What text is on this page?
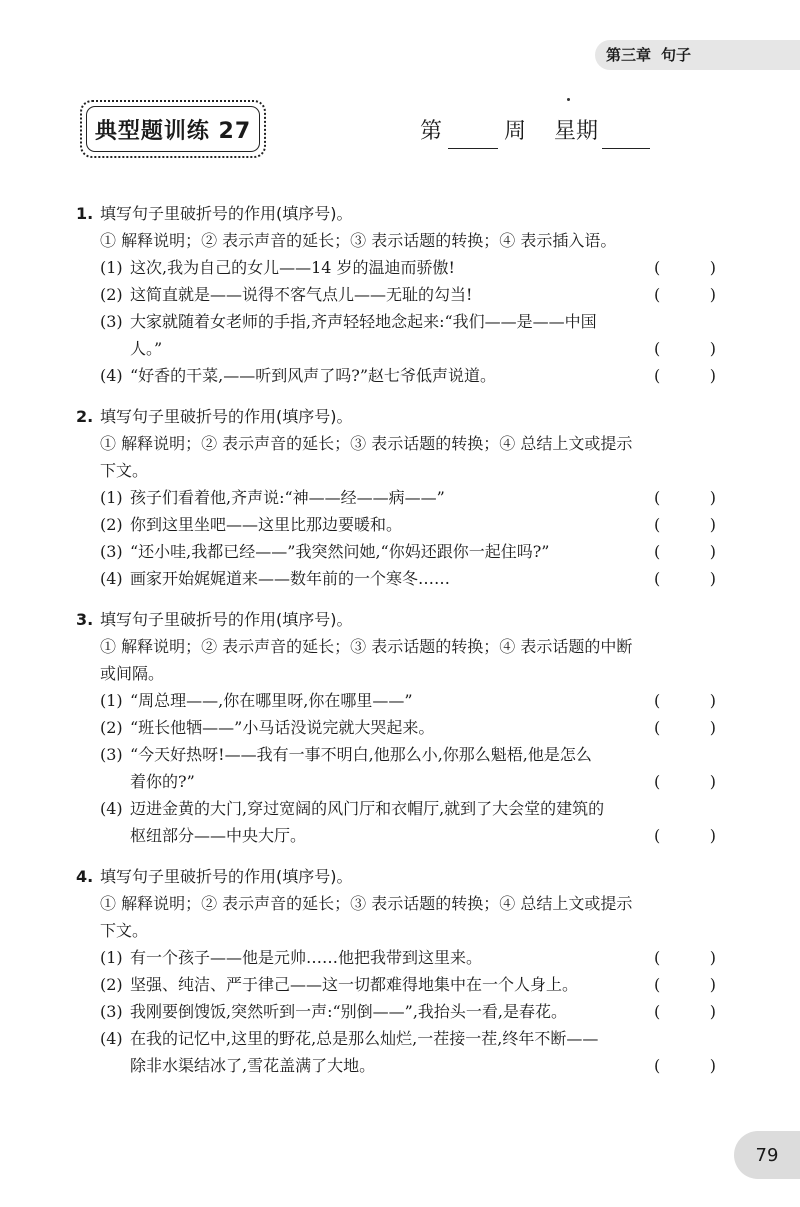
第三章 句子
典型题训练 27	第	周 星期
1. 填写句子里破折号的作用(填序号)。
① 解释说明；② 表示声音的延长；③ 表示话题的转换；④ 表示插入语。
(1) 这次,我为自己的女儿——14 岁的温迪而骄傲!	(	)
(2) 这简直就是——说得不客气点儿——无耻的勾当!	(	)
(3) 大家就随着女老师的手指,齐声轻轻地念起来:“我们——是——中国
人。”	(	)
(4) “好香的干菜,——听到风声了吗?”赵七爷低声说道。	(	)
2. 填写句子里破折号的作用(填序号)。
① 解释说明；② 表示声音的延长；③ 表示话题的转换；④ 总结上文或提示
下文。
(1) 孩子们看着他,齐声说:“神——经——病——”	(	)
(2) 你到这里坐吧——这里比那边要暖和。	(	)
(3) “还小哇,我都已经——”我突然问她,“你妈还跟你一起住吗?”	(	)
(4) 画家开始娓娓道来——数年前的一个寒冬……	(	)
3. 填写句子里破折号的作用(填序号)。
① 解释说明；② 表示声音的延长；③ 表示话题的转换；④ 表示话题的中断
或间隔。
(1) “周总理——,你在哪里呀,你在哪里——”	(	)
(2) “班长他牺——”小马话没说完就大哭起来。	(	)
(3) “今天好热呀!——我有一事不明白,他那么小,你那么魁梧,他是怎么
着你的?”	(	)
(4) 迈进金黄的大门,穿过宽阔的风门厅和衣帽厅,就到了大会堂的建筑的
枢纽部分——中央大厅。	(	)
4. 填写句子里破折号的作用(填序号)。
① 解释说明；② 表示声音的延长；③ 表示话题的转换；④ 总结上文或提示
下文。
(1) 有一个孩子——他是元帅……他把我带到这里来。	(	)
(2) 坚强、纯洁、严于律己——这一切都难得地集中在一个人身上。	(	)
(3) 我刚要倒馊饭,突然听到一声:“别倒——”,我抬头一看,是春花。	(	)
(4) 在我的记忆中,这里的野花,总是那么灿烂,一茬接一茬,终年不断——
除非水渠结冰了,雪花盖满了大地。	(	)
79
